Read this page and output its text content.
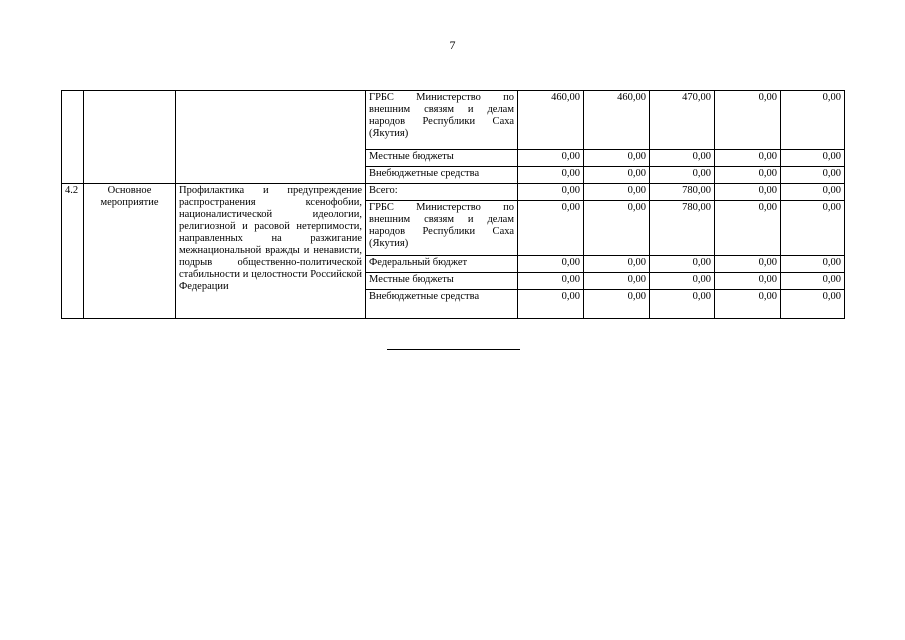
7
			ГРБС Министерство по внешним связям и делам народов Республики Саха (Якутия)	460,00	460,00	470,00	0,00	0,00
			Местные бюджеты	0,00	0,00	0,00	0,00	0,00
			Внебюджетные средства	0,00	0,00	0,00	0,00	0,00
4.2	Основное мероприятие	Профилактика и предупреждение распространения ксенофобии, националистической идеологии, религиозной и расовой нетерпимости, направленных на разжигание межнациональной вражды и ненависти, подрыв общественно-политической стабильности и целостности Российской Федерации	Всего:	0,00	0,00	780,00	0,00	0,00
			ГРБС Министерство по внешним связям и делам народов Республики Саха (Якутия)	0,00	0,00	780,00	0,00	0,00
			Федеральный бюджет	0,00	0,00	0,00	0,00	0,00
			Местные бюджеты	0,00	0,00	0,00	0,00	0,00
			Внебюджетные средства	0,00	0,00	0,00	0,00	0,00
